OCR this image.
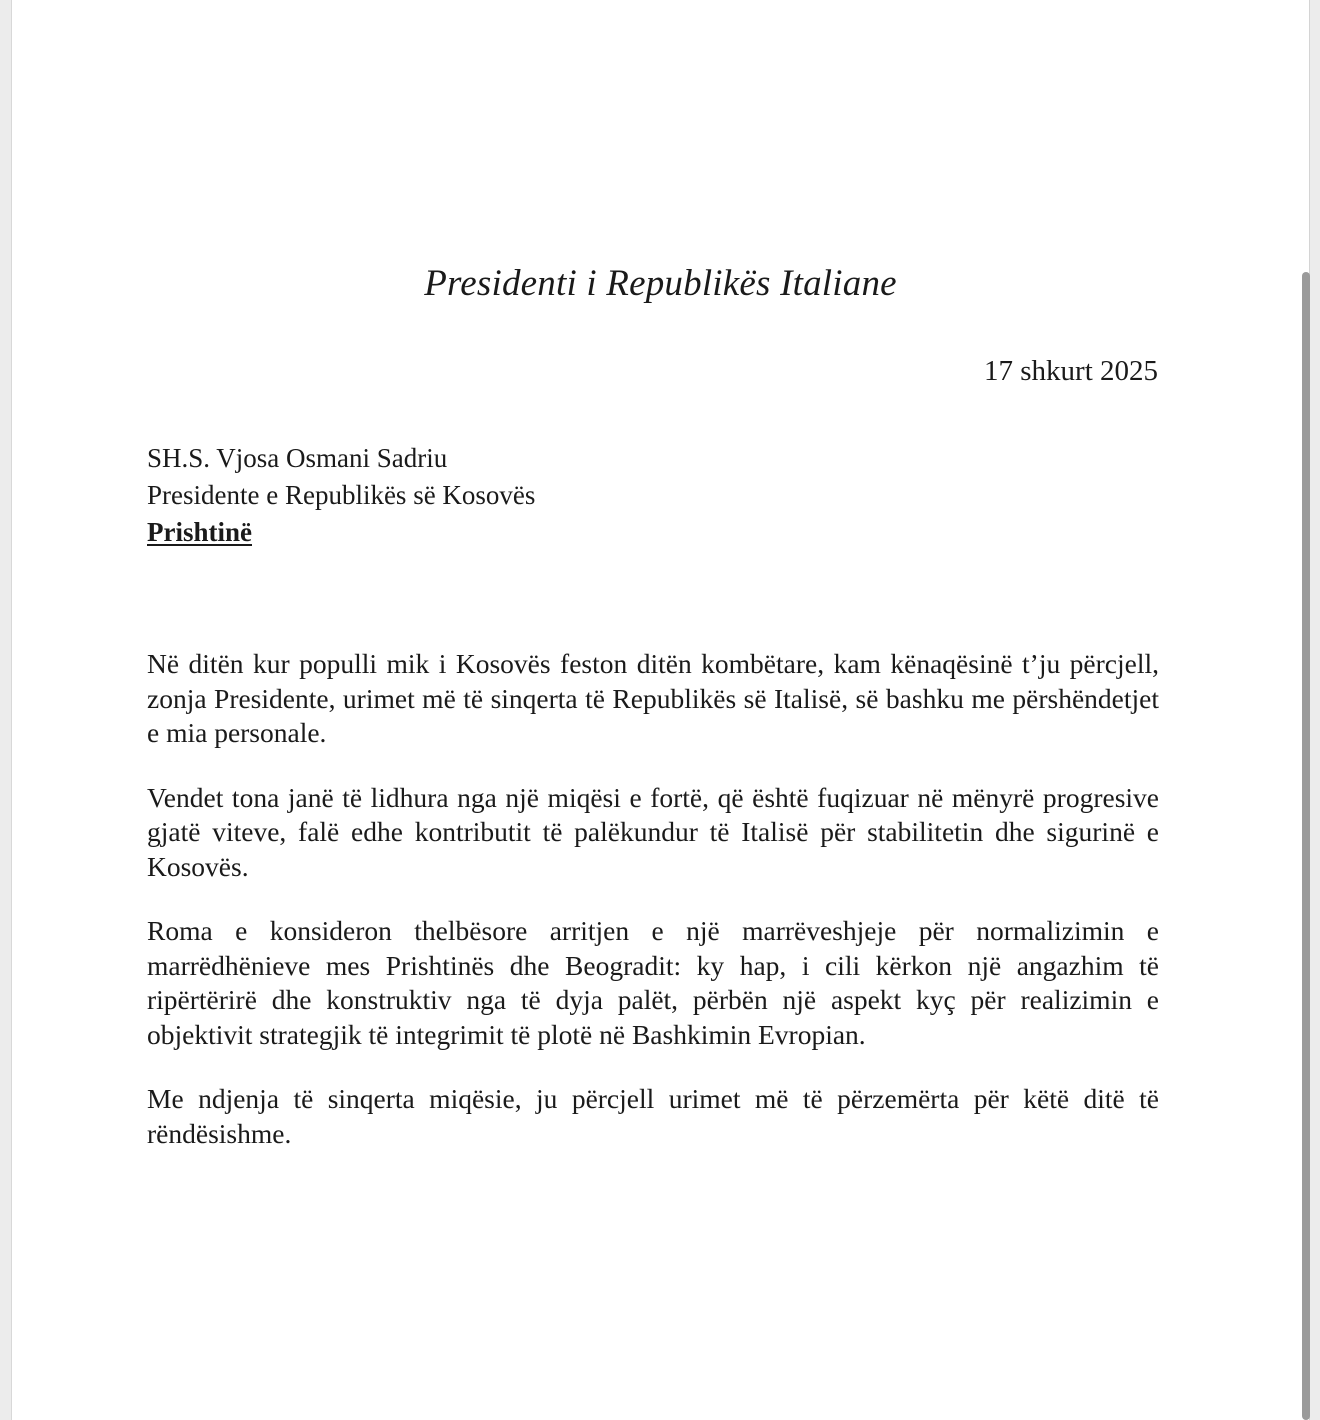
Presidenti i Republikës Italiane
17 shkurt 2025
SH.S. Vjosa Osmani Sadriu
Presidente e Republikës së Kosovës
Prishtinë

Në ditën kur populli mik i Kosovës feston ditën kombëtare, kam kënaqësinë t’ju përcjell, zonja Presidente, urimet më të sinqerta të Republikës së Italisë, së bashku me përshëndetjet e mia personale.

Vendet tona janë të lidhura nga një miqësi e fortë, që është fuqizuar në mënyrë progresive gjatë viteve, falë edhe kontributit të palëkundur të Italisë për stabilitetin dhe sigurinë e Kosovës.

Roma e konsideron thelbësore arritjen e një marrëveshjeje për normalizimin e marrëdhënieve mes Prishtinës dhe Beogradit: ky hap, i cili kërkon një angazhim të ripërtërirë dhe konstruktiv nga të dyja palët, përbën një aspekt kyç për realizimin e objektivit strategjik të integrimit të plotë në Bashkimin Evropian.

Me ndjenja të sinqerta miqësie, ju përcjell urimet më të përzemërta për këtë ditë të rëndësishme.
